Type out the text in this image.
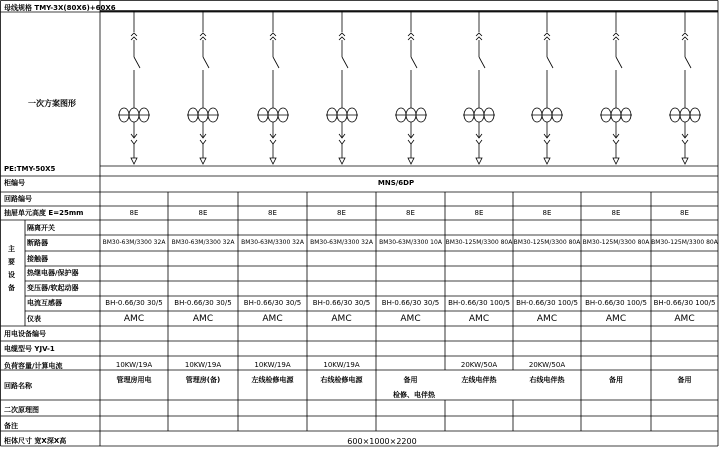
母线规格 TMY-3X(80X6)+60X6
一次方案图形
PE:TMY-50X5
柜编号
回路编号
抽屉单元高度 E=25mm
主
要
设
备
隔离开关
断路器
接触器
热继电器/保护器
变压器/软起动器
电流互感器
仪表
用电设备编号
电缆型号 YJV-1
负荷容量/计算电流
回路名称
二次原理图
备注
柜体尺寸 宽X深X高
MNS/6DP
检修、电伴热
600×1000×2200
8E
BM30-63M/3300 32A
BH-0.66/30 30/5
AMC
10KW/19A
管理房用电
8E
BM30-63M/3300 32A
BH-0.66/30 30/5
AMC
10KW/19A
管理房(备)
8E
BM30-63M/3300 32A
BH-0.66/30 30/5
AMC
10KW/19A
左线检修电源
8E
BM30-63M/3300 32A
BH-0.66/30 30/5
AMC
10KW/19A
右线检修电源
8E
BM30-63M/3300 10A
BH-0.66/30 30/5
AMC
备用
8E
BM30-125M/3300 80A
BH-0.66/30 100/5
AMC
20KW/50A
左线电伴热
8E
BM30-125M/3300 80A
BH-0.66/30 100/5
AMC
20KW/50A
右线电伴热
8E
BM30-125M/3300 80A
BH-0.66/30 100/5
AMC
备用
8E
BM30-125M/3300 80A
BH-0.66/30 100/5
AMC
备用
